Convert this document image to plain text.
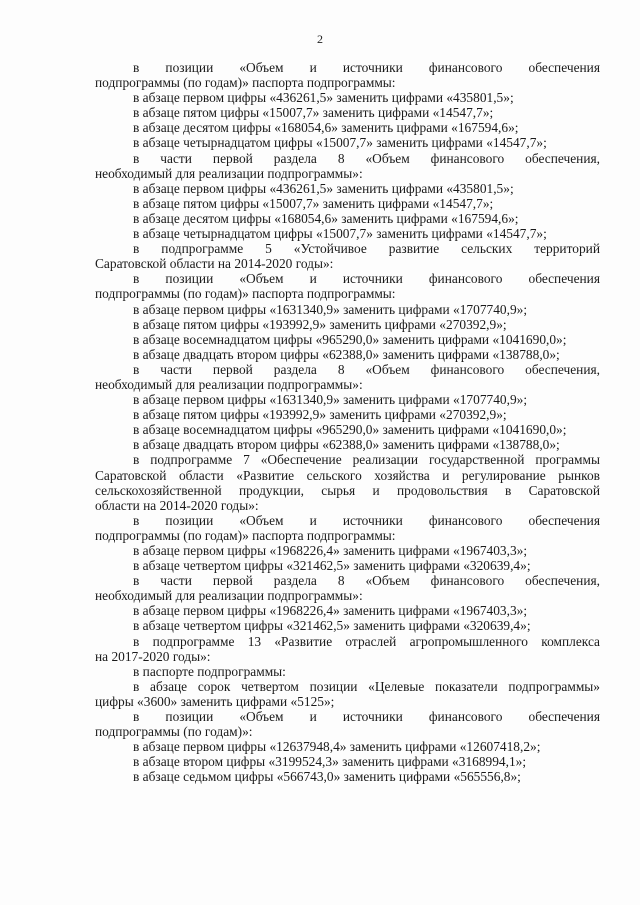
2
в позиции «Объем и источники финансового обеспечения
подпрограммы (по годам)» паспорта подпрограммы:
в абзаце первом цифры «436261,5» заменить цифрами «435801,5»;
в абзаце пятом цифры «15007,7» заменить цифрами «14547,7»;
в абзаце десятом цифры «168054,6» заменить цифрами «167594,6»;
в абзаце четырнадцатом цифры «15007,7» заменить цифрами «14547,7»;
в части первой раздела 8 «Объем финансового обеспечения,
необходимый для реализации подпрограммы»:
в абзаце первом цифры «436261,5» заменить цифрами «435801,5»;
в абзаце пятом цифры «15007,7» заменить цифрами «14547,7»;
в абзаце десятом цифры «168054,6» заменить цифрами «167594,6»;
в абзаце четырнадцатом цифры «15007,7» заменить цифрами «14547,7»;
в подпрограмме 5 «Устойчивое развитие сельских территорий
Саратовской области на 2014-2020 годы»:
в позиции «Объем и источники финансового обеспечения
подпрограммы (по годам)» паспорта подпрограммы:
в абзаце первом цифры «1631340,9» заменить цифрами «1707740,9»;
в абзаце пятом цифры «193992,9» заменить цифрами «270392,9»;
в абзаце восемнадцатом цифры «965290,0» заменить цифрами «1041690,0»;
в абзаце двадцать втором цифры «62388,0» заменить цифрами «138788,0»;
в части первой раздела 8 «Объем финансового обеспечения,
необходимый для реализации подпрограммы»:
в абзаце первом цифры «1631340,9» заменить цифрами «1707740,9»;
в абзаце пятом цифры «193992,9» заменить цифрами «270392,9»;
в абзаце восемнадцатом цифры «965290,0» заменить цифрами «1041690,0»;
в абзаце двадцать втором цифры «62388,0» заменить цифрами «138788,0»;
в подпрограмме 7 «Обеспечение реализации государственной программы
Саратовской области «Развитие сельского хозяйства и регулирование рынков
сельскохозяйственной продукции, сырья и продовольствия в Саратовской
области на 2014-2020 годы»:
в позиции «Объем и источники финансового обеспечения
подпрограммы (по годам)» паспорта подпрограммы:
в абзаце первом цифры «1968226,4» заменить цифрами «1967403,3»;
в абзаце четвертом цифры «321462,5» заменить цифрами «320639,4»;
в части первой раздела 8 «Объем финансового обеспечения,
необходимый для реализации подпрограммы»:
в абзаце первом цифры «1968226,4» заменить цифрами «1967403,3»;
в абзаце четвертом цифры «321462,5» заменить цифрами «320639,4»;
в подпрограмме 13 «Развитие отраслей агропромышленного комплекса
на 2017-2020 годы»:
в паспорте подпрограммы:
в абзаце сорок четвертом позиции «Целевые показатели подпрограммы»
цифры «3600» заменить цифрами «5125»;
в позиции «Объем и источники финансового обеспечения
подпрограммы (по годам)»:
в абзаце первом цифры «12637948,4» заменить цифрами «12607418,2»;
в абзаце втором цифры «3199524,3» заменить цифрами «3168994,1»;
в абзаце седьмом цифры «566743,0» заменить цифрами «565556,8»;
